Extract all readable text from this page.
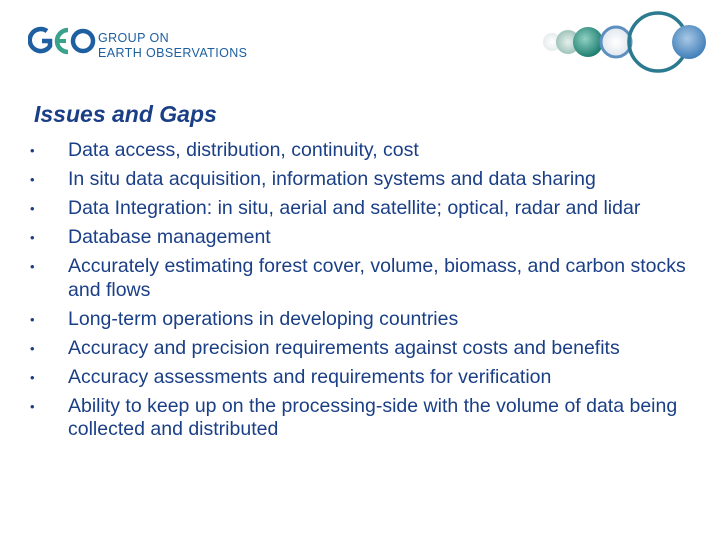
GROUP ON
EARTH OBSERVATIONS
Issues and Gaps
• Data access, distribution, continuity, cost
• In situ data acquisition, information systems and data sharing
• Data Integration: in situ, aerial and satellite; optical, radar and lidar
• Database management
• Accurately estimating forest cover, volume, biomass, and carbon stocks and flows
• Long-term operations in developing countries
• Accuracy and precision requirements against costs and benefits
• Accuracy assessments and requirements for verification
• Ability to keep up on the processing-side with the volume of data being collected and distributed
